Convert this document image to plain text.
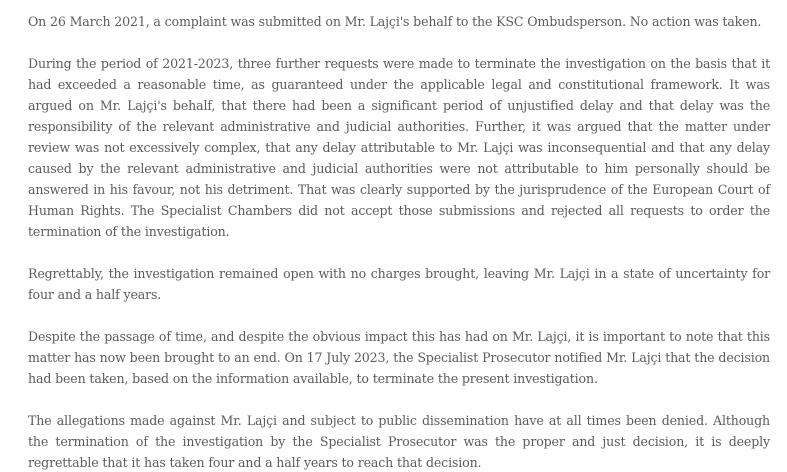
On 26 March 2021, a complaint was submitted on Mr. Lajçi's behalf to the KSC Ombudsperson. No action was taken.

During the period of 2021-2023, three further requests were made to terminate the investigation on the basis that it had exceeded a reasonable time, as guaranteed under the applicable legal and constitutional framework. It was argued on Mr. Lajçi's behalf, that there had been a significant period of unjustified delay and that delay was the responsibility of the relevant administrative and judicial authorities. Further, it was argued that the matter under review was not excessively complex, that any delay attributable to Mr. Lajçi was inconsequential and that any delay caused by the relevant administrative and judicial authorities were not attributable to him personally should be answered in his favour, not his detriment. That was clearly supported by the jurisprudence of the European Court of Human Rights. The Specialist Chambers did not accept those submissions and rejected all requests to order the termination of the investigation.

Regrettably, the investigation remained open with no charges brought, leaving Mr. Lajçi in a state of uncertainty for four and a half years.

Despite the passage of time, and despite the obvious impact this has had on Mr. Lajçi, it is important to note that this matter has now been brought to an end. On 17 July 2023, the Specialist Prosecutor notified Mr. Lajçi that the decision had been taken, based on the information available, to terminate the present investigation.

The allegations made against Mr. Lajçi and subject to public dissemination have at all times been denied. Although the termination of the investigation by the Specialist Prosecutor was the proper and just decision, it is deeply regrettable that it has taken four and a half years to reach that decision.
